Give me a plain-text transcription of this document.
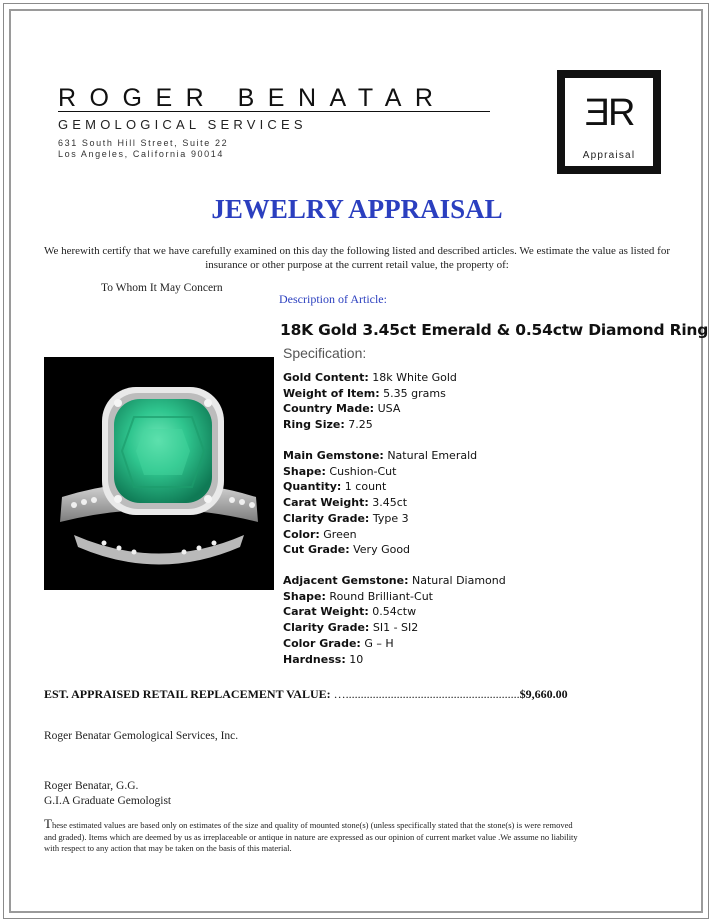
ROGER BENATAR
GEMOLOGICAL SERVICES
631 South Hill Street, Suite 22
Los Angeles, California 90014
ƎR
Appraisal
JEWELRY APPRAISAL
We herewith certify that we have carefully examined on this day the following listed and described articles. We estimate the value as listed for insurance or other purpose at the current retail value, the property of:
To Whom It May Concern
Description of Article:
18K Gold 3.45ct Emerald & 0.54ctw Diamond Ring
Specification:
Gold Content: 18k White Gold
Weight of Item: 5.35 grams
Country Made: USA
Ring Size: 7.25
Main Gemstone: Natural Emerald
Shape: Cushion-Cut
Quantity: 1 count
Carat Weight: 3.45ct
Clarity Grade: Type 3
Color: Green
Cut Grade: Very Good
Adjacent Gemstone: Natural Diamond
Shape: Round Brilliant-Cut
Carat Weight: 0.54ctw
Clarity Grade: SI1 - SI2
Color Grade: G – H
Hardness: 10
EST. APPRAISED RETAIL REPLACEMENT VALUE: …..........................................................$9,660.00
Roger Benatar Gemological Services, Inc.
Roger Benatar, G.G.
G.I.A Graduate Gemologist
These estimated values are based only on estimates of the size and quality of mounted stone(s) (unless specifically stated that the stone(s) is were removed and graded). Items which are deemed by us as irreplaceable or antique in nature are expressed as our opinion of current market value .We assume no liability with respect to any action that may be taken on the basis of this material.
